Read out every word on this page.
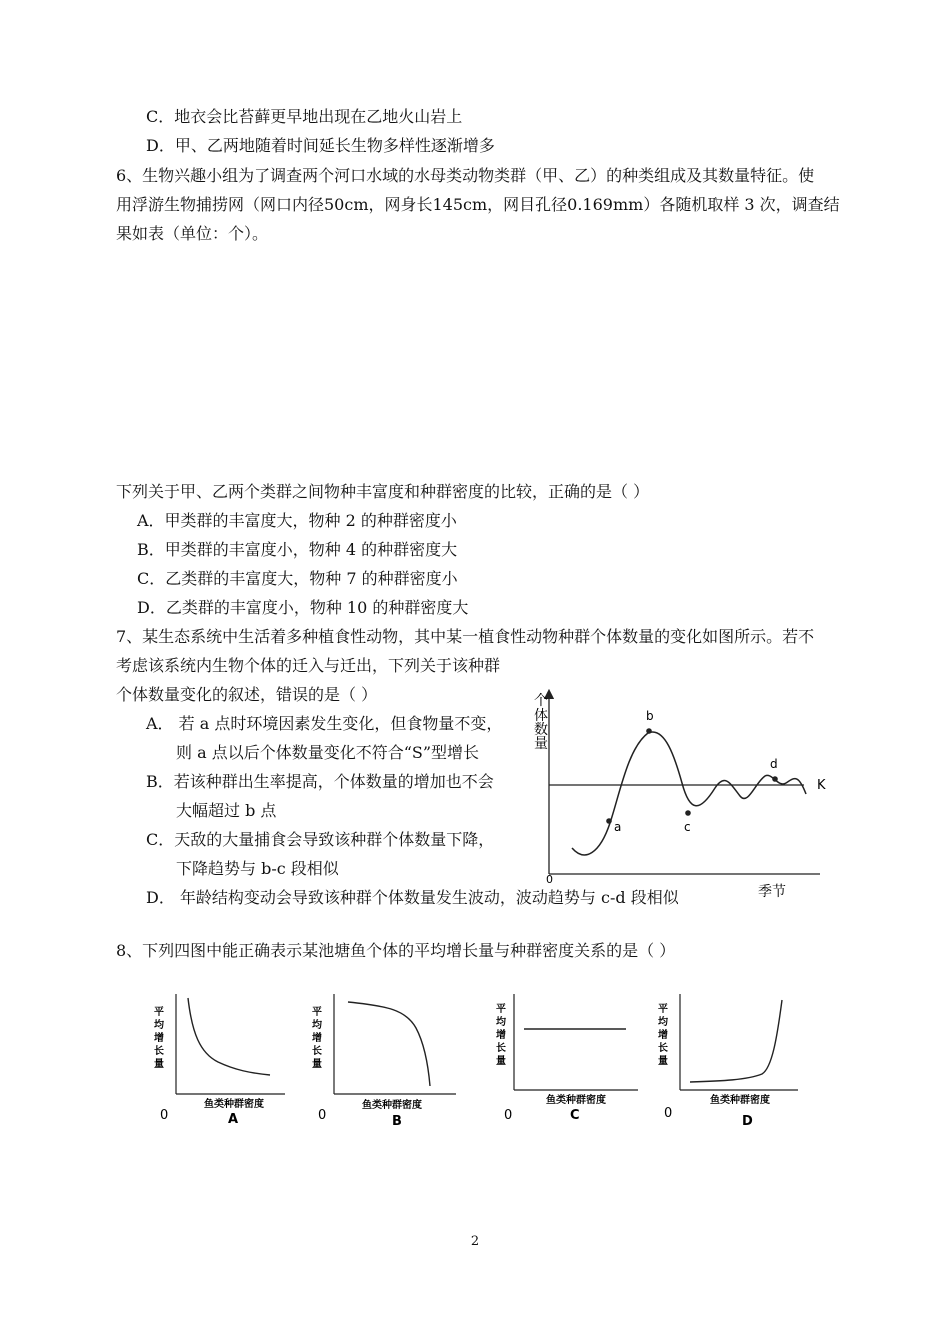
C．地衣会比苔藓更早地出现在乙地火山岩上
D．甲、乙两地随着时间延长生物多样性逐渐增多
6、生物兴趣小组为了调查两个河口水域的水母类动物类群（甲、乙）的种类组成及其数量特征。使
用浮游生物捕捞网（网口内径50cm，网身长145cm，网目孔径0.169mm）各随机取样 3 次，调查结
果如表（单位：个）。
下列关于甲、乙两个类群之间物种丰富度和种群密度的比较，正确的是（ ）
A．甲类群的丰富度大，物种 2 的种群密度小
B．甲类群的丰富度小，物种 4 的种群密度大
C．乙类群的丰富度大，物种 7 的种群密度小
D．乙类群的丰富度小，物种 10 的种群密度大
7、某生态系统中生活着多种植食性动物，其中某一植食性动物种群个体数量的变化如图所示。若不
考虑该系统内生物个体的迁入与迁出，下列关于该种群
个体数量变化的叙述，错误的是（ ）
A． 若 a 点时环境因素发生变化，但食物量不变，
则 a 点以后个体数量变化不符合“S”型增长
B．若该种群出生率提高，个体数量的增加也不会
大幅超过 b 点
C．天敌的大量捕食会导致该种群个体数量下降，
下降趋势与 b-c 段相似
D． 年龄结构变动会导致该种群个体数量发生波动，波动趋势与 c-d 段相似
a
b
c
d
K
0
季节
个
体
数
量
8、下列四图中能正确表示某池塘鱼个体的平均增长量与种群密度关系的是（ ）
平
均
增
长
量
鱼类种群密度
0	A
平
均
增
长
量
鱼类种群密度
0	B
平
均
增
长
量
鱼类种群密度
0	C
平
均
增
长
量
鱼类种群密度
0
D
2
